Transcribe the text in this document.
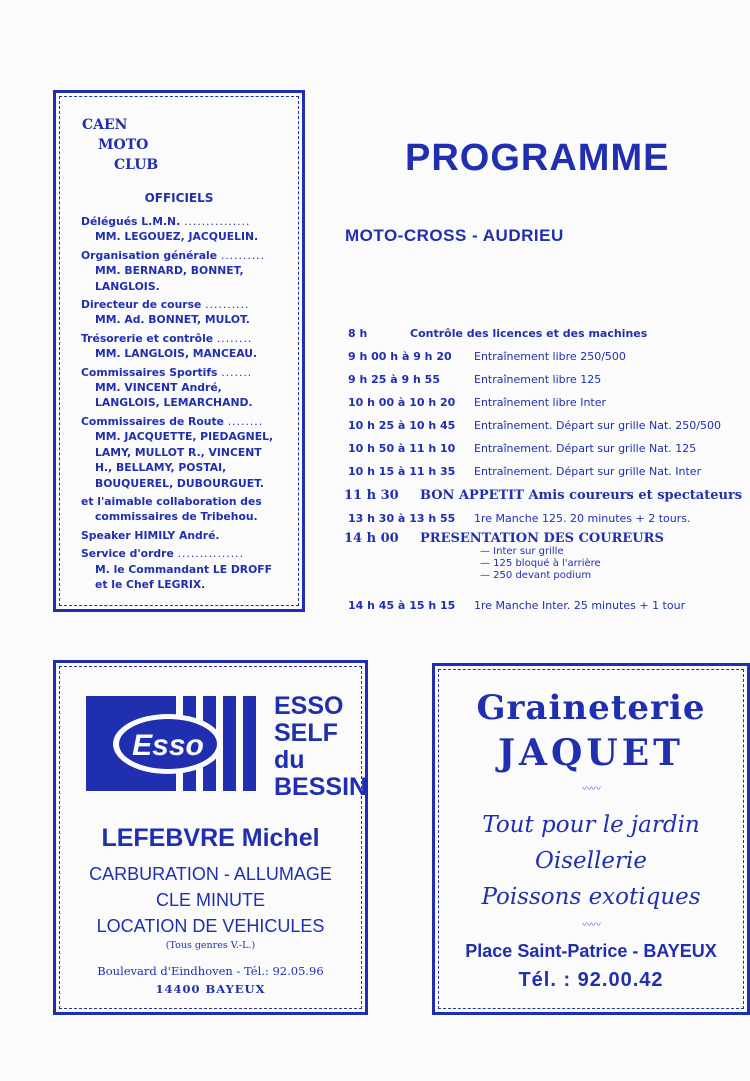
CAEN
MOTO
CLUB
OFFICIELS
Délégués L.M.N. ...............
MM. LEGOUEZ, JACQUELIN.
Organisation générale ..........
MM. BERNARD, BONNET, LANGLOIS.
Directeur de course ..........
MM. Ad. BONNET, MULOT.
Trésorerie et contrôle ........
MM. LANGLOIS, MANCEAU.
Commissaires Sportifs .......
MM. VINCENT André, LANGLOIS, LEMARCHAND.
Commissaires de Route ........
MM. JACQUETTE, PIEDAGNEL, LAMY, MULLOT R., VINCENT H., BELLAMY, POSTAI, BOUQUEREL, DUBOURGUET.
et l'aimable collaboration des
commissaires de Tribehou.
Speaker HIMILY André.
Service d'ordre ...............
M. le Commandant LE DROFF et le Chef LEGRIX.
PROGRAMME
MOTO-CROSS - AUDRIEU
8 h	Contrôle des licences et des machines
9 h 00 h à 9 h 20 Entraînement libre 250/500
9 h 25 à 9 h 55	Entraînement libre 125
10 h 00 à 10 h 20 Entraînement libre Inter
10 h 25 à 10 h 45 Entraînement. Départ sur grille Nat. 250/500
10 h 50 à 11 h 10 Entraînement. Départ sur grille Nat. 125
10 h 15 à 11 h 35 Entraînement. Départ sur grille Nat. Inter
11 h 30 BON APPETIT Amis coureurs et spectateurs
13 h 30 à 13 h 55 1re Manche 125. 20 minutes + 2 tours.
14 h 00 PRESENTATION DES COUREURS
— Inter sur grille
— 125 bloqué à l'arrière
— 250 devant podium
14 h 45 à 15 h 15 1re Manche Inter. 25 minutes + 1 tour
Esso
ESSO
SELF
du
BESSIN
LEFEBVRE Michel
CARBURATION - ALLUMAGE
CLE MINUTE
LOCATION DE VEHICULES
(Tous genres V.-L.)
Boulevard d'Eindhoven - Tél.: 92.05.96
14400 BAYEUX
Graineterie
JAQUET
〰〰
Tout pour le jardin
Oisellerie
Poissons exotiques
〰〰
Place Saint-Patrice - BAYEUX
Tél. : 92.00.42
